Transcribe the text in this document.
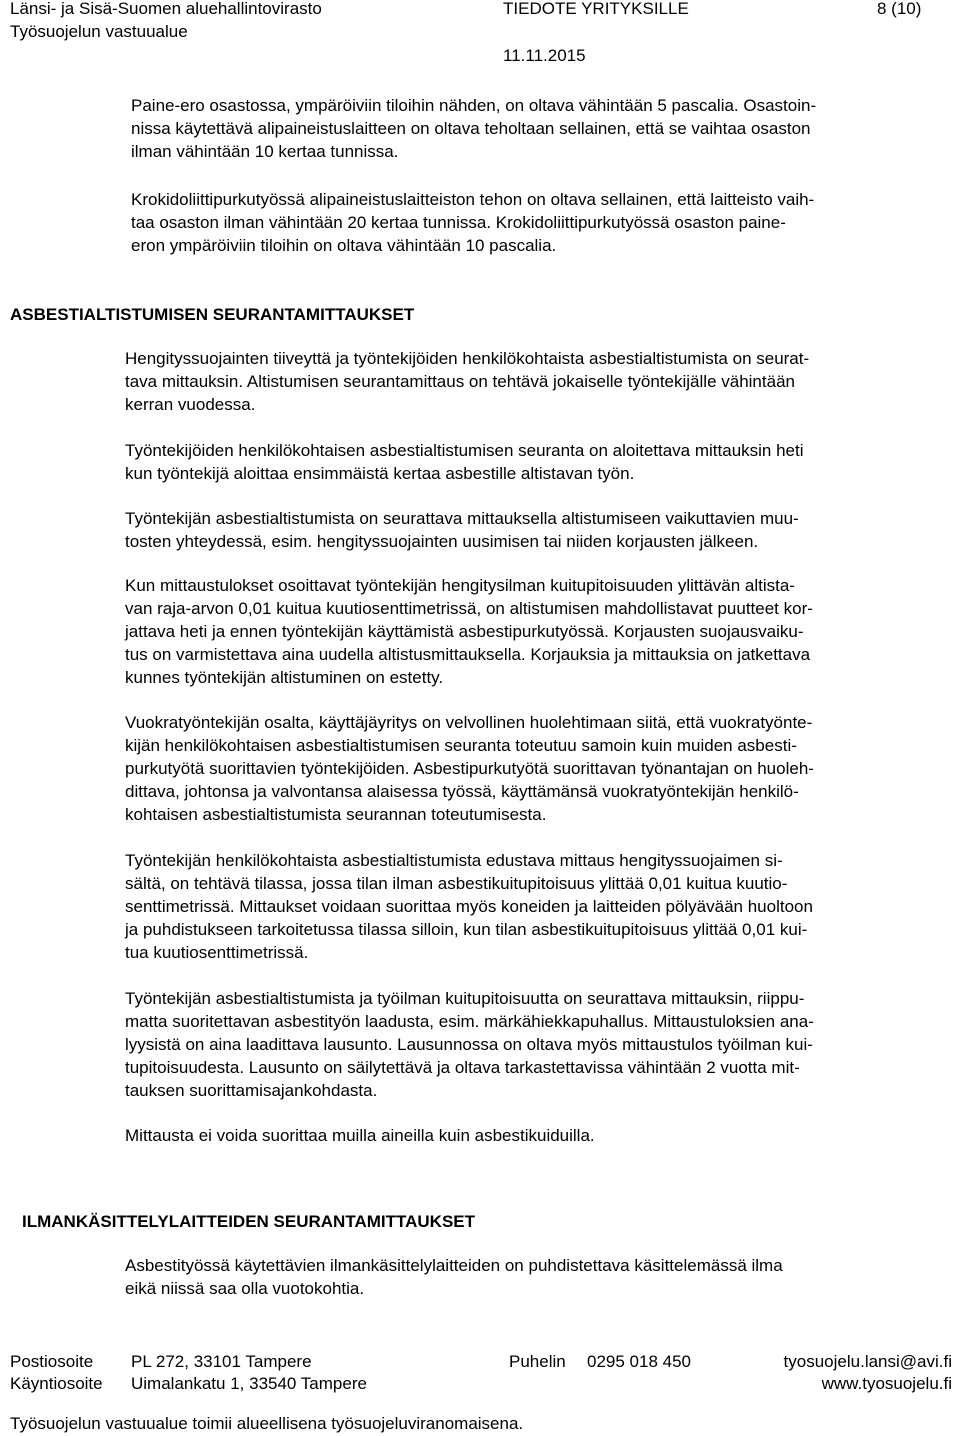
Länsi- ja Sisä-Suomen aluehallintovirasto
Työsuojelun vastuualue
TIEDOTE YRITYKSILLE
11.11.2015
8 (10)
Paine-ero osastossa, ympäröiviin tiloihin nähden, on oltava vähintään 5 pascalia. Osastoin-
nissa käytettävä alipaineistuslaitteen on oltava teholtaan sellainen, että se vaihtaa osaston
ilman vähintään 10 kertaa tunnissa.
Krokidoliittipurkutyössä alipaineistuslaitteiston tehon on oltava sellainen, että laitteisto vaih-
taa osaston ilman vähintään 20 kertaa tunnissa. Krokidoliittipurkutyössä osaston paine-
eron ympäröiviin tiloihin on oltava vähintään 10 pascalia.
ASBESTIALTISTUMISEN SEURANTAMITTAUKSET
Hengityssuojainten tiiveyttä ja työntekijöiden henkilökohtaista asbestialtistumista on seurat-
tava mittauksin. Altistumisen seurantamittaus on tehtävä jokaiselle työntekijälle vähintään
kerran vuodessa.
Työntekijöiden henkilökohtaisen asbestialtistumisen seuranta on aloitettava mittauksin heti
kun työntekijä aloittaa ensimmäistä kertaa asbestille altistavan työn.
Työntekijän asbestialtistumista on seurattava mittauksella altistumiseen vaikuttavien muu-
tosten yhteydessä, esim. hengityssuojainten uusimisen tai niiden korjausten jälkeen.
Kun mittaustulokset osoittavat työntekijän hengitysilman kuitupitoisuuden ylittävän altista-
van raja-arvon 0,01 kuitua kuutiosenttimetrissä, on altistumisen mahdollistavat puutteet kor-
jattava heti ja ennen työntekijän käyttämistä asbestipurkutyössä. Korjausten suojausvaiku-
tus on varmistettava aina uudella altistusmittauksella. Korjauksia ja mittauksia on jatkettava
kunnes työntekijän altistuminen on estetty.
Vuokratyöntekijän osalta, käyttäjäyritys on velvollinen huolehtimaan siitä, että vuokratyönte-
kijän henkilökohtaisen asbestialtistumisen seuranta toteutuu samoin kuin muiden asbesti-
purkutyötä suorittavien työntekijöiden. Asbestipurkutyötä suorittavan työnantajan on huoleh-
dittava, johtonsa ja valvontansa alaisessa työssä, käyttämänsä vuokratyöntekijän henkilö-
kohtaisen asbestialtistumista seurannan toteutumisesta.
Työntekijän henkilökohtaista asbestialtistumista edustava mittaus hengityssuojaimen si-
sältä, on tehtävä tilassa, jossa tilan ilman asbestikuitupitoisuus ylittää 0,01 kuitua kuutio-
senttimetrissä. Mittaukset voidaan suorittaa myös koneiden ja laitteiden pölyävään huoltoon
ja puhdistukseen tarkoitetussa tilassa silloin, kun tilan asbestikuitupitoisuus ylittää 0,01 kui-
tua kuutiosenttimetrissä.
Työntekijän asbestialtistumista ja työilman kuitupitoisuutta on seurattava mittauksin, riippu-
matta suoritettavan asbestityön laadusta, esim. märkähiekkapuhallus. Mittaustuloksien ana-
lyysistä on aina laadittava lausunto. Lausunnossa on oltava myös mittaustulos työilman kui-
tupitoisuudesta. Lausunto on säilytettävä ja oltava tarkastettavissa vähintään 2 vuotta mit-
tauksen suorittamisajankohdasta.
Mittausta ei voida suorittaa muilla aineilla kuin asbestikuiduilla.
ILMANKÄSITTELYLAITTEIDEN SEURANTAMITTAUKSET
Asbestityössä käytettävien ilmankäsittelylaitteiden on puhdistettava käsittelemässä ilma
eikä niissä saa olla vuotokohtia.
Postiosoite PL 272, 33101 Tampere	Puhelin 0295 018 450	tyosuojelu.lansi@avi.fi
Käyntiosoite Uimalankatu 1, 33540 Tampere	www.tyosuojelu.fi
Työsuojelun vastuualue toimii alueellisena työsuojeluviranomaisena.
